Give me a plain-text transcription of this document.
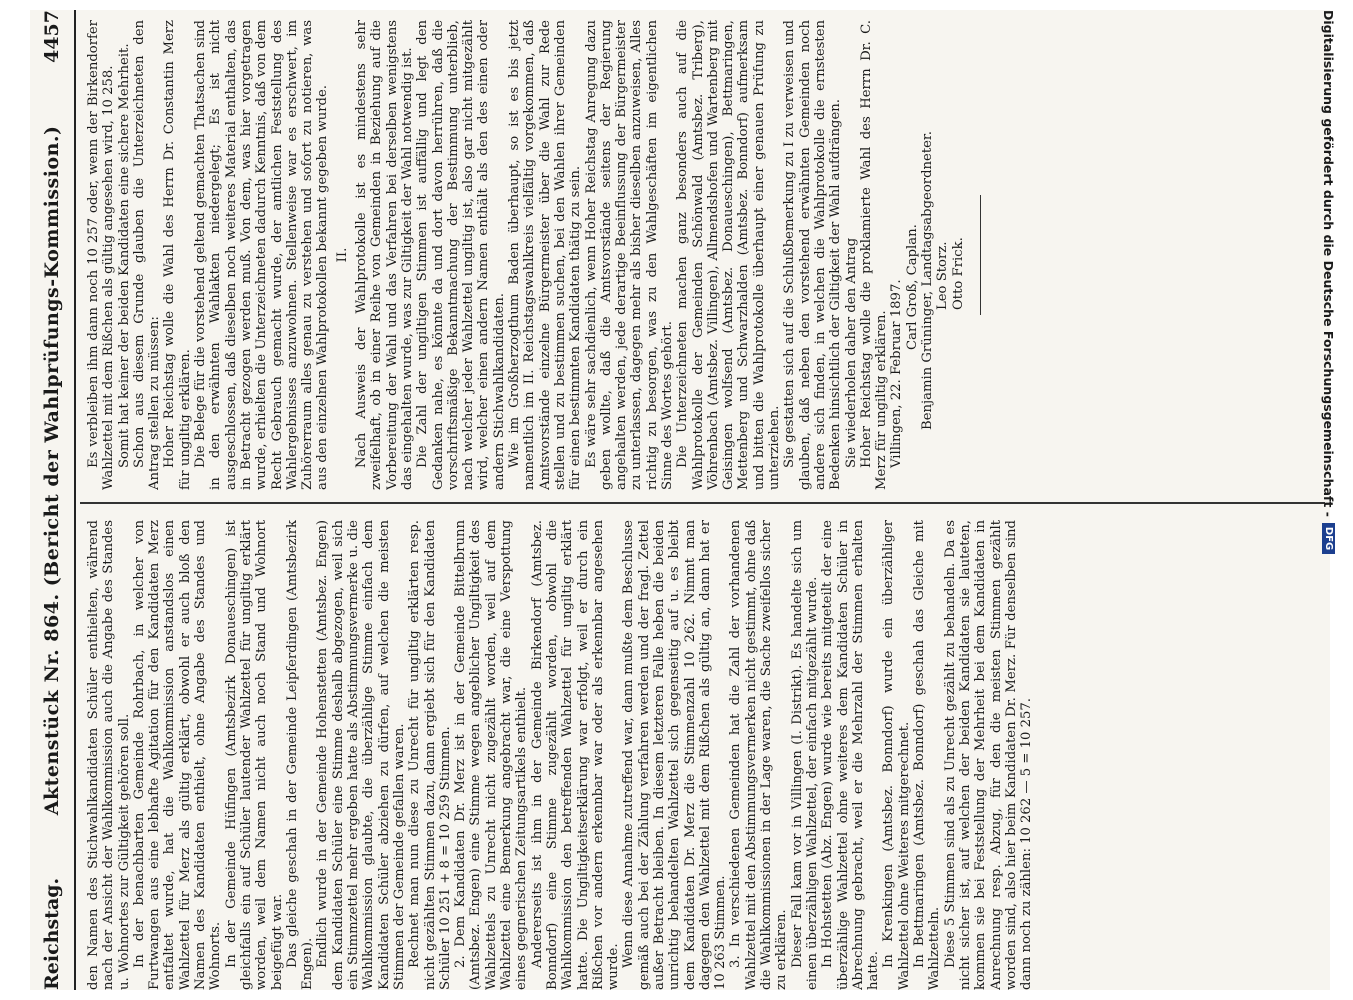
Reichstag.
Aktenstück Nr. 864. (Bericht der Wahlprüfungs-Kommission.)
4457

den Namen des Stichwahlkandidaten Schüler enthielten, während nach der Ansicht der Wahlkommission auch die Angabe des Standes u. Wohnortes zur Gültigkeit gehören soll. In der benachbarten Gemeinde Rohrbach, in welcher von Furtwangen aus eine lebhafte Agitation für den Kandidaten Merz entfaltet wurde, hat die Wahlkommission anstandslos einen Wahlzettel für Merz als gültig erklärt, obwohl er auch bloß den Namen des Kandidaten enthielt, ohne Angabe des Standes und Wohnorts. In der Gemeinde Hüfingen (Amtsbezirk Donaueschingen) ist gleichfalls ein auf Schüler lautender Wahlzettel für ungiltig erklärt worden, weil dem Namen nicht auch noch Stand und Wohnort beigefügt war. Das gleiche geschah in der Gemeinde Leipferdingen (Amtsbezirk Engen). Endlich wurde in der Gemeinde Hohenstetten (Amtsbez. Engen) dem Kandidaten Schüler eine Stimme deshalb abgezogen, weil sich ein Stimmzettel mehr ergeben hatte als Abstimmungsvermerke u. die Wahlkommission glaubte, die überzählige Stimme einfach dem Kandidaten Schüler abziehen zu dürfen, auf welchen die meisten Stimmen der Gemeinde gefallen waren. Rechnet man nun diese zu Unrecht für ungiltig erklärten resp. nicht gezählten Stimmen dazu, dann ergiebt sich für den Kandidaten Schüler 10 251 + 8 = 10 259 Stimmen. 2. Dem Kandidaten Dr. Merz ist in der Gemeinde Bittelbrunn (Amtsbez. Engen) eine Stimme wegen angeblicher Ungiltigkeit des Wahlzettels zu Unrecht nicht zugezählt worden, weil auf dem Wahlzettel eine Bemerkung angebracht war, die eine Verspottung eines gegnerischen Zeitungsartikels enthielt. Andererseits ist ihm in der Gemeinde Birkendorf (Amtsbez. Bonndorf) eine Stimme zugezählt worden, obwohl die Wahlkommission den betreffenden Wahlzettel für ungiltig erklärt hatte. Die Ungiltigkeitserklärung war erfolgt, weil er durch ein Rißchen vor andern erkennbar war oder als erkennbar angesehen wurde. Wenn diese Annahme zutreffend war, dann mußte dem Beschlusse gemäß auch bei der Zählung verfahren werden und der fragl. Zettel außer Betracht bleiben. In diesem letzteren Falle heben die beiden unrichtig behandelten Wahlzettel sich gegenseitig auf u. es bleibt dem Kandidaten Dr. Merz die Stimmenzahl 10 262. Nimmt man dagegen den Wahlzettel mit dem Rißchen als gültig an, dann hat er 10 263 Stimmen. 3. In verschiedenen Gemeinden hat die Zahl der vorhandenen Wahlzettel mit den Abstimmungsvermerken nicht gestimmt, ohne daß die Wahlkommissionen in der Lage waren, die Sache zweifellos sicher zu erklären. Dieser Fall kam vor in Villingen (I. Distrikt). Es handelte sich um einen überzähligen Wahlzettel, der einfach mitgezählt wurde. In Hohstetten (Abz. Engen) wurde wie bereits mitgeteilt der eine überzählige Wahlzettel ohne weiteres dem Kandidaten Schüler in Abrechnung gebracht, weil er die Mehrzahl der Stimmen erhalten hatte.

In Krenkingen (Amtsbez. Bonndorf) wurde ein überzähliger Wahlzettel ohne Weiteres mitgerechnet. In Bettmaringen (Amtsbez. Bonndorf) geschah das Gleiche mit Wahlzetteln. Diese 5 Stimmen sind als zu Unrecht gezählt zu behandeln. Da es nicht sicher ist, auf welchen der beiden Kandidaten sie lauteten, kommen sie bei Feststellung der Mehrheit bei dem Kandidaten in Anrechnung resp. Abzug, für den die meisten Stimmen gezählt worden sind, also hier beim Kandidaten Dr. Merz. Für denselben sind dann noch zu zählen: 10 262 — 5 = 10 257.

Es verbleiben ihm dann noch 10 257 oder, wenn der Birkendorfer Wahlzettel mit dem Rißchen als gültig angesehen wird, 10 258. Somit hat keiner der beiden Kandidaten eine sichere Mehrheit. Schon aus diesem Grunde glauben die Unterzeichneten den Antrag stellen zu müssen: Hoher Reichstag wolle die Wahl des Herrn Dr. Constantin Merz für ungiltig erklären. Die Belege für die vorstehend geltend gemachten Thatsachen sind in den erwähnten Wahlakten niedergelegt; Es ist nicht ausgeschlossen, daß dieselben noch weiteres Material enthalten, das in Betracht gezogen werden muß. Von dem, was hier vorgetragen wurde, erhielten die Unterzeichneten dadurch Kenntnis, daß von dem Recht Gebrauch gemacht wurde, der amtlichen Feststellung des Wahlergebnisses anzuwohnen. Stellenweise war es erschwert, im Zuhörerraum alles genau zu verstehen und sofort zu notieren, was aus den einzelnen Wahlprotokollen bekannt gegeben wurde. II. Nach Ausweis der Wahlprotokolle ist es mindestens sehr zweifelhaft, ob in einer Reihe von Gemeinden in Beziehung auf die Vorbereitung der Wahl und das Verfahren bei derselben wenigstens das eingehalten wurde, was zur Giltigkeit der Wahl notwendig ist. Die Zahl der ungiltigen Stimmen ist auffällig und legt den Gedanken nahe, es könnte da und dort davon herrühren, daß die vorschriftsmäßige Bekanntmachung der Bestimmung unterblieb, nach welcher jeder Wahlzettel ungiltig ist, also gar nicht mitgezählt wird, welcher einen andern Namen enthält als den des einen oder andern Stichwahlkandidaten. Wie im Großherzogthum Baden überhaupt, so ist es bis jetzt namentlich im II. Reichstagswahlkreis vielfältig vorgekommen, daß Amtsvorstände einzelne Bürgermeister über die Wahl zur Rede stellen und zu bestimmen suchen, bei den Wahlen ihrer Gemeinden für einen bestimmten Kandidaten thätig zu sein. Es wäre sehr sachdienlich, wenn Hoher Reichstag Anregung dazu geben wollte, daß die Amtsvorstände seitens der Regierung angehalten werden, jede derartige Beeinflussung der Bürgermeister zu unterlassen, dagegen mehr als bisher dieselben anzuweisen, Alles richtig zu besorgen, was zu den Wahlgeschäften im eigentlichen Sinne des Wortes gehört. Die Unterzeichneten machen ganz besonders auch auf die Wahlprotokolle der Gemeinden Schönwald (Amtsbez. Triberg), Vöhrenbach (Amtsbez. Villingen), Allmendshofen und Wartenberg mit Geisingen wolfsend (Amtsbez. Donaueschingen), Bettmaringen, Mettenberg und Schwarzhalden (Amtsbez. Bonndorf) aufmerksam und bitten die Wahlprotokolle überhaupt einer genauen Prüfung zu unterziehen. Sie gestatten sich auf die Schlußbemerkung zu I zu verweisen und glauben, daß neben den vorstehend erwähnten Gemeinden noch andere sich finden, in welchen die Wahlprotokolle die ernstesten Bedenken hinsichtlich der Giltigkeit der Wahl aufdrängen. Sie wiederholen daher den Antrag Hoher Reichstag wolle die proklamierte Wahl des Herrn Dr. C. Merz für ungiltig erklären. Villingen, 22. Februar 1897. Carl Groß, Caplan. Benjamin Grüninger, Landtagsabgeordneter. Leo Storz. Otto Frick.	Digitalisierung gefördert durch die Deutsche Forschungsgemeinschaft -
DFG
